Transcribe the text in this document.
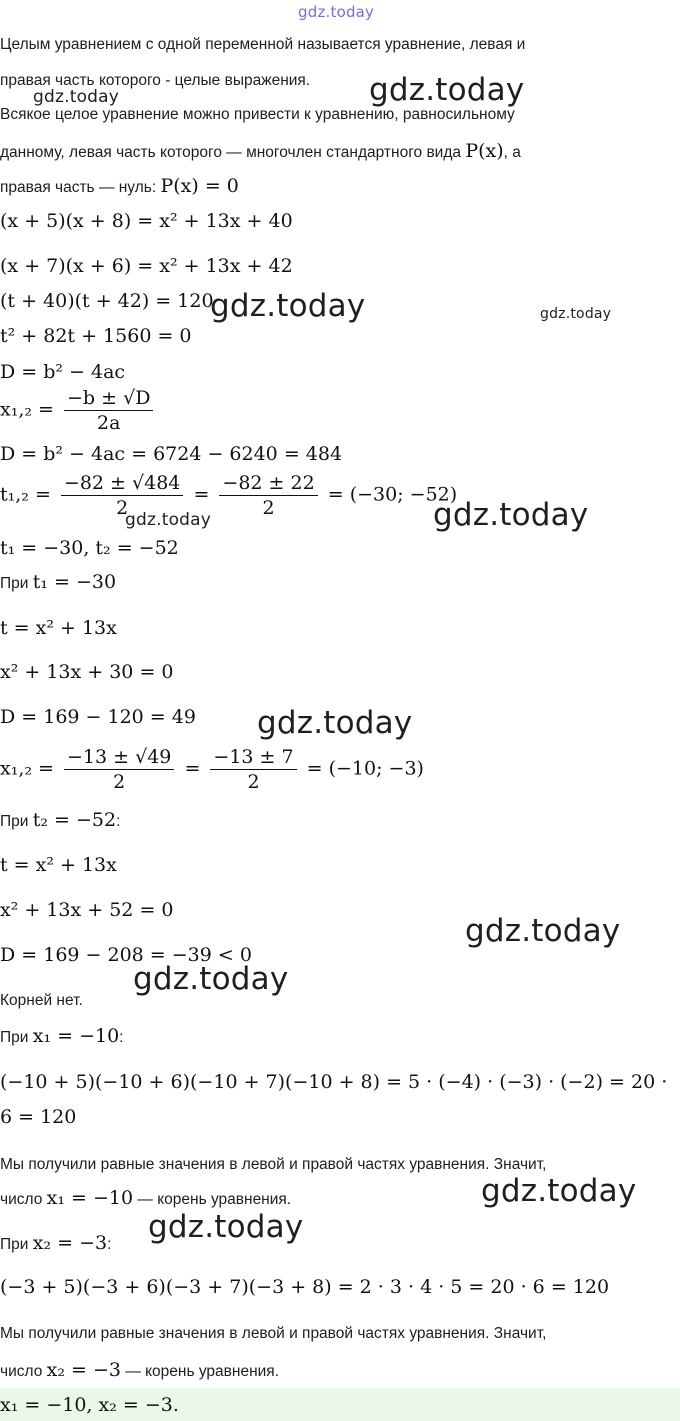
gdz.today
gdz.today
gdz.today
gdz.today	gdz.today
gdz.today
gdz.today
gdz.today
gdz.today
gdz.today
gdz.today
gdz.today
Целым уравнением с одной переменной называется уравнение, левая и
правая часть которого - целые выражения.
Всякое целое уравнение можно привести к уравнению, равносильному
данному, левая часть которого — многочлен стандартного вида P(x), а
правая часть — нуль: P(x) = 0
(x + 5)(x + 8) = x² + 13x + 40
(x + 7)(x + 6) = x² + 13x + 42
(t + 40)(t + 42) = 120
t² + 82t + 1560 = 0
D = b² − 4ac
$x_1,_2 = \frac{-b \pm √D}{2a}$
D = b² − 4ac = 6724 − 6240 = 484
$t_1,_2 = \frac{-82 \pm √484}{2} = \frac{-82 \pm 22}{2} = (-30$; −52)
t₁ = −30, t₂ = −52
При t₁ = −30
t = x² + 13x
x² + 13x + 30 = 0
D = 169 − 120 = 49
$x_1,_2 = \frac{-13 \pm √49}{2} = \frac{-13 \pm 7}{2} = (-10$; −3)
При t₂ = −52:
t = x² + 13x
x² + 13x + 52 = 0
D = 169 − 208 = −39 < 0
Корней нет.
При x₁ = −10:
(−10 + 5)(−10 + 6)(−10 + 7)(−10 + 8) = 5 · (−4) · (−3) · (−2) = 20 ·
6 = 120
Мы получили равные значения в левой и правой частях уравнения. Значит,
число x₁ = −10 — корень уравнения.
При x₂ = −3:
(−3 + 5)(−3 + 6)(−3 + 7)(−3 + 8) = 2 · 3 · 4 · 5 = 20 · 6 = 120
Мы получили равные значения в левой и правой частях уравнения. Значит,
число x₂ = −3 — корень уравнения.
x₁ = −10, x₂ = −3.
